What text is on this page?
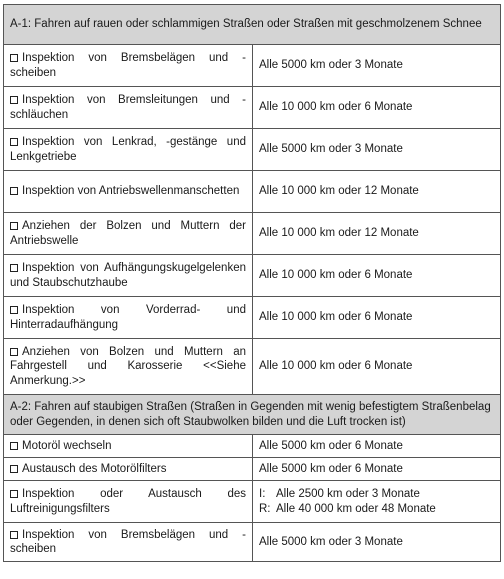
A-1: Fahren auf rauen oder schlammigen Straßen oder Straßen mit geschmolzenem Schnee	
Inspektion von Bremsbelägen und -scheiben	Alle 5000 km oder 3 Monate
Inspektion von Bremsleitungen und -schläuchen	Alle 10 000 km oder 6 Monate
Inspektion von Lenkrad, -gestänge und Lenkgetriebe	Alle 5000 km oder 3 Monate
Inspektion von Antriebswellenmanschetten	Alle 10 000 km oder 12 Monate
Anziehen der Bolzen und Muttern der Antriebswelle	Alle 10 000 km oder 12 Monate
Inspektion von Aufhängungskugelgelenken und Staubschutzhaube	Alle 10 000 km oder 6 Monate
Inspektion von Vorderrad- und Hinterradaufhängung	Alle 10 000 km oder 6 Monate
Anziehen von Bolzen und Muttern an Fahrgestell und Karosserie <<Siehe Anmerkung.>>	Alle 10 000 km oder 6 Monate
A-2: Fahren auf staubigen Straßen (Straßen in Gegenden mit wenig befestigtem Straßenbelag oder Gegenden, in denen sich oft Staubwolken bilden und die Luft trocken ist)	
Motoröl wechseln	Alle 5000 km oder 6 Monate
Austausch des Motorölfilters	Alle 5000 km oder 6 Monate
Inspektion oder Austausch des Luftreinigungsfilters	I: Alle 2500 km oder 3 Monate
R: Alle 40 000 km oder 48 Monate

Inspektion von Bremsbelägen und -scheiben	Alle 5000 km oder 3 Monate
